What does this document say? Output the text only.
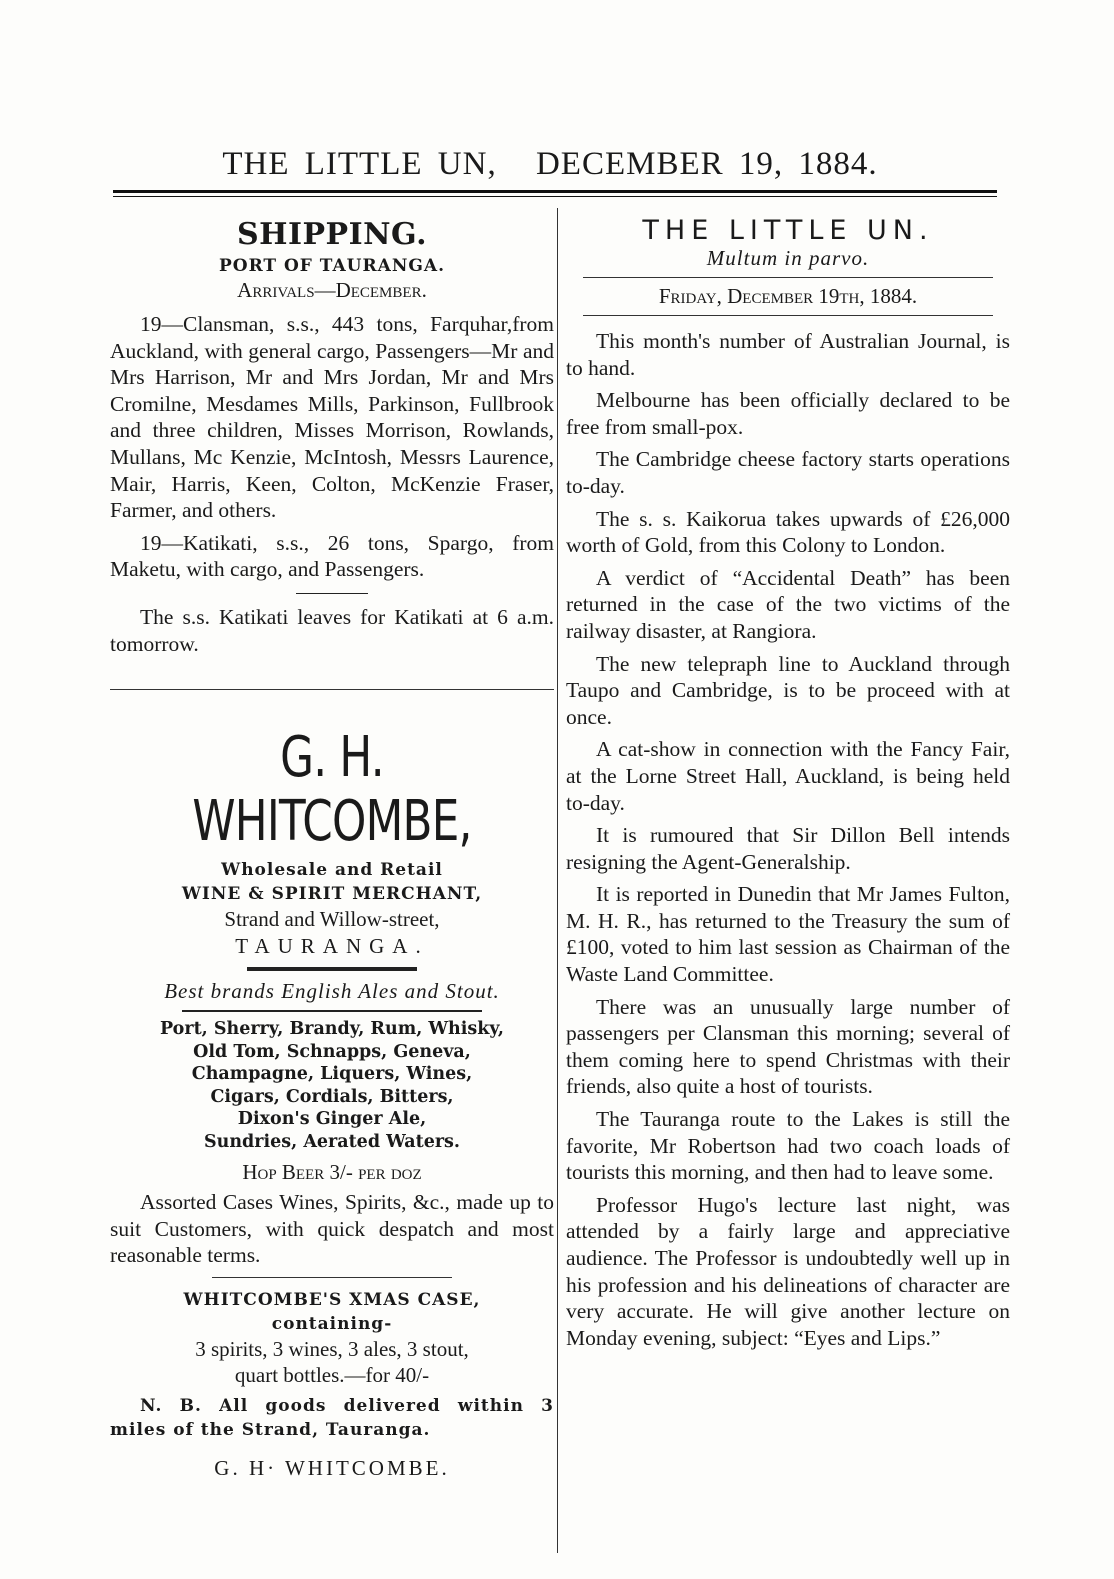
THE LITTLE UN, DECEMBER 19, 1884.
SHIPPING.
PORT OF TAURANGA.
Arrivals—December.

19—Clansman, s.s., 443 tons, Farquhar,from Auckland, with general cargo, Passengers—Mr and Mrs Harrison, Mr and Mrs Jordan, Mr and Mrs Cromilne, Mesdames Mills, Parkinson, Fullbrook and three children, Misses Morrison, Rowlands, Mullans, Mc Kenzie, McIntosh, Messrs Laurence, Mair, Harris, Keen, Colton, McKenzie Fraser, Farmer, and others.

19—Katikati, s.s., 26 tons, Spargo, from Maketu, with cargo, and Passengers.

The s.s. Katikati leaves for Katikati at 6 a.m. tomorrow.

G. H. WHITCOMBE,
Wholesale and Retail
WINE & SPIRIT MERCHANT,
Strand and Willow-street,
TAURANGA.
Best brands English Ales and Stout.
Port, Sherry, Brandy, Rum, Whisky,
Old Tom, Schnapps, Geneva,
Champagne, Liquers, Wines,
Cigars, Cordials, Bitters,
Dixon's Ginger Ale,
Sundries, Aerated Waters.
Hop Beer 3/- per doz

Assorted Cases Wines, Spirits, &c., made up to suit Customers, with quick despatch and most reasonable terms.

WHITCOMBE'S XMAS CASE,
containing-
3 spirits, 3 wines, 3 ales, 3 stout,
quart bottles.—for 40/-

N. B. All goods delivered within 3 miles of the Strand, Tauranga.

G. H· WHITCOMBE.
THE LITTLE UN.
Multum in parvo.
Friday, December 19th, 1884.

This month's number of Australian Journal, is to hand.

Melbourne has been officially declared to be free from small-pox.

The Cambridge cheese factory starts operations to-day.

The s. s. Kaikorua takes upwards of £26,000 worth of Gold, from this Colony to London.

A verdict of “Accidental Death” has been returned in the case of the two victims of the railway disaster, at Rangiora.

The new telepraph line to Auckland through Taupo and Cambridge, is to be proceed with at once.

A cat-show in connection with the Fancy Fair, at the Lorne Street Hall, Auckland, is being held to-day.

It is rumoured that Sir Dillon Bell intends resigning the Agent-Generalship.

It is reported in Dunedin that Mr James Fulton, M. H. R., has returned to the Treasury the sum of £100, voted to him last session as Chairman of the Waste Land Committee.

There was an unusually large number of passengers per Clansman this morning; several of them coming here to spend Christmas with their friends, also quite a host of tourists.

The Tauranga route to the Lakes is still the favorite, Mr Robertson had two coach loads of tourists this morning, and then had to leave some.

Professor Hugo's lecture last night, was attended by a fairly large and appreciative audience. The Professor is undoubtedly well up in his profession and his delineations of character are very accurate. He will give another lecture on Monday evening, subject: “Eyes and Lips.”
